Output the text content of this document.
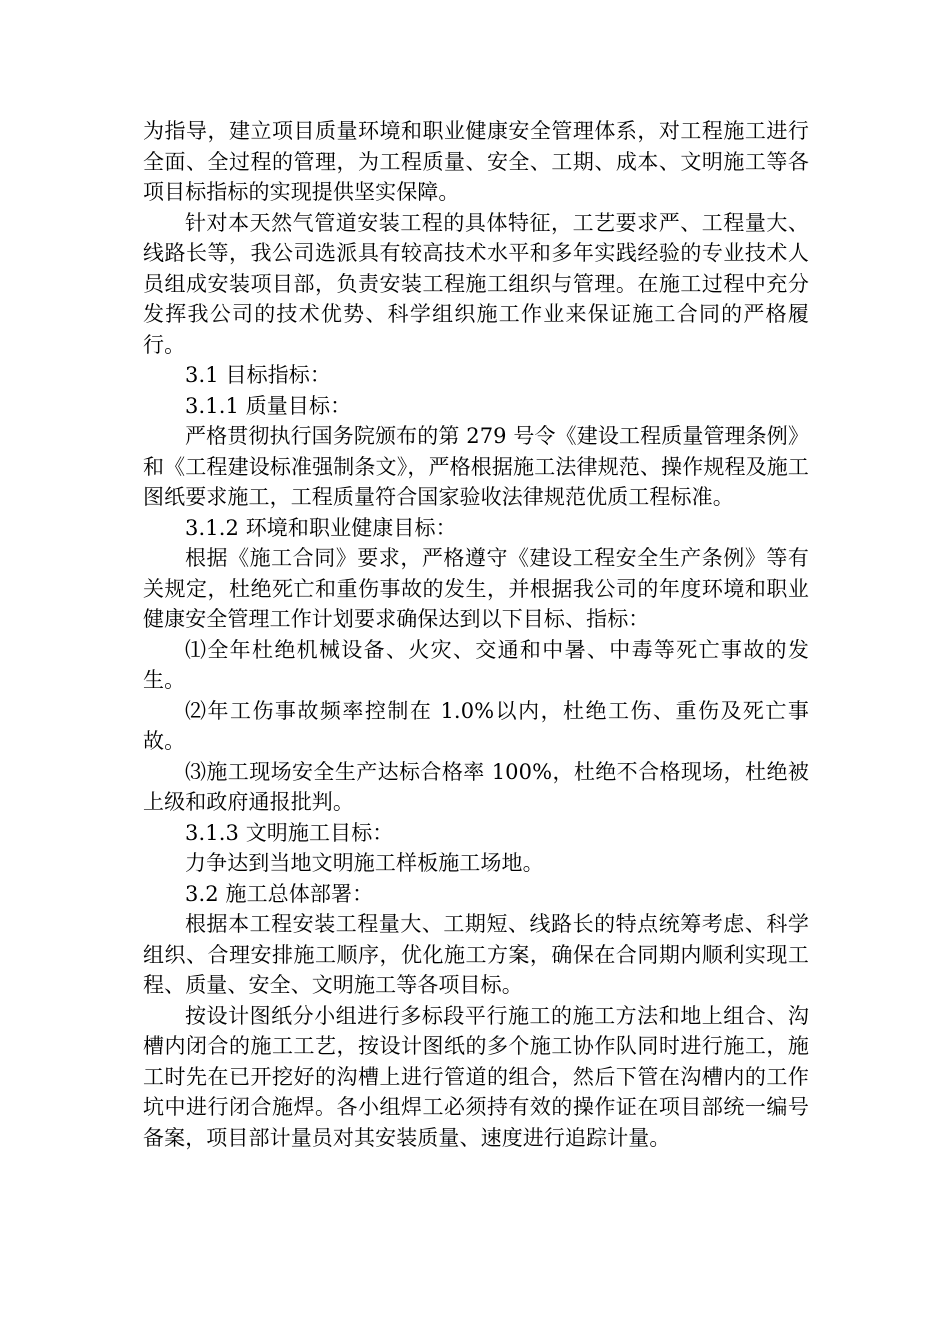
为指导，建立项目质量环境和职业健康安全管理体系，对工程施工进行全面、全过程的管理，为工程质量、安全、工期、成本、文明施工等各项目标指标的实现提供坚实保障。

针对本天然气管道安装工程的具体特征，工艺要求严、工程量大、线路长等，我公司选派具有较高技术水平和多年实践经验的专业技术人员组成安装项目部，负责安装工程施工组织与管理。在施工过程中充分发挥我公司的技术优势、科学组织施工作业来保证施工合同的严格履行。

3.1 目标指标：

3.1.1 质量目标：

严格贯彻执行国务院颁布的第 279 号令《建设工程质量管理条例》和《工程建设标准强制条文》，严格根据施工法律规范、操作规程及施工图纸要求施工，工程质量符合国家验收法律规范优质工程标准。

3.1.2 环境和职业健康目标：

根据《施工合同》要求，严格遵守《建设工程安全生产条例》等有关规定，杜绝死亡和重伤事故的发生，并根据我公司的年度环境和职业健康安全管理工作计划要求确保达到以下目标、指标：

⑴全年杜绝机械设备、火灾、交通和中暑、中毒等死亡事故的发生。

⑵年工伤事故频率控制在 1.0%以内，杜绝工伤、重伤及死亡事故。

⑶施工现场安全生产达标合格率 100%，杜绝不合格现场，杜绝被上级和政府通报批判。

3.1.3 文明施工目标：

力争达到当地文明施工样板施工场地。

3.2 施工总体部署：

根据本工程安装工程量大、工期短、线路长的特点统筹考虑、科学组织、合理安排施工顺序，优化施工方案，确保在合同期内顺利实现工程、质量、安全、文明施工等各项目标。

按设计图纸分小组进行多标段平行施工的施工方法和地上组合、沟槽内闭合的施工工艺，按设计图纸的多个施工协作队同时进行施工，施工时先在已开挖好的沟槽上进行管道的组合，然后下管在沟槽内的工作坑中进行闭合施焊。各小组焊工必须持有效的操作证在项目部统一编号备案，项目部计量员对其安装质量、速度进行追踪计量。
